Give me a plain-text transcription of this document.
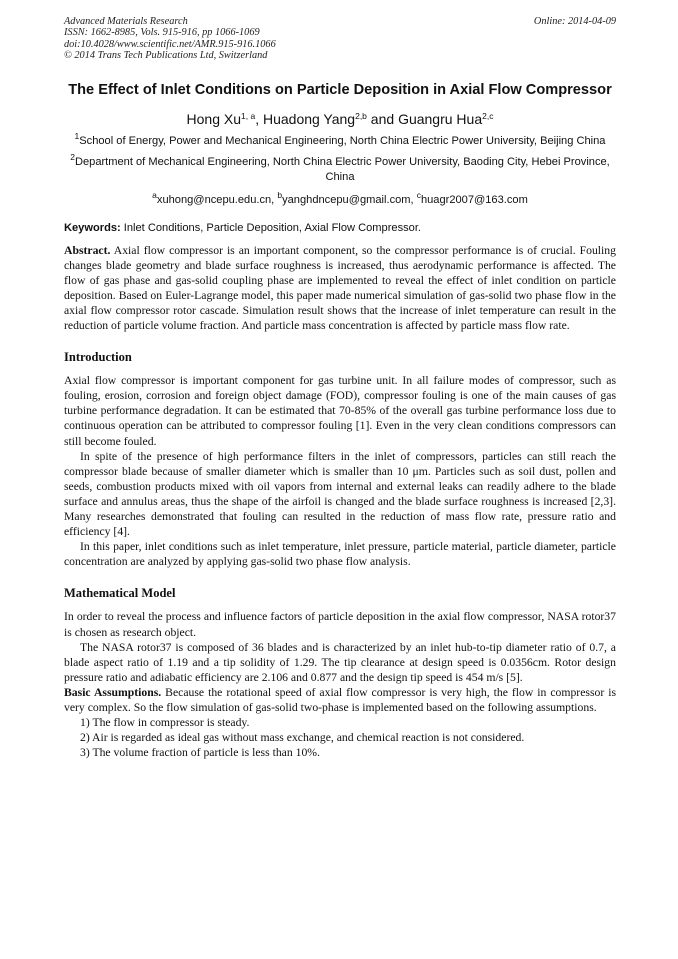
Advanced Materials Research
ISSN: 1662-8985, Vols. 915-916, pp 1066-1069
doi:10.4028/www.scientific.net/AMR.915-916.1066
© 2014 Trans Tech Publications Ltd, Switzerland
Online: 2014-04-09
The Effect of Inlet Conditions on Particle Deposition in Axial Flow Compressor
Hong Xu$^{1, a}$, Huadong Yang$^{2,b}$ and Guangru Hua$^{2,c}$
$^1$School of Energy, Power and Mechanical Engineering, North China Electric Power University, Beijing China
$^2$Department of Mechanical Engineering, North China Electric Power University, Baoding City, Hebei Province, China
$^a$xuhong@ncepu.edu.cn, $^b$yanghdncepu@gmail.com, $^c$huagr2007@163.com
Keywords: Inlet Conditions, Particle Deposition, Axial Flow Compressor.
Abstract. Axial flow compressor is an important component, so the compressor performance is of crucial. Fouling changes blade geometry and blade surface roughness is increased, thus aerodynamic performance is affected. The flow of gas phase and gas-solid coupling phase are implemented to reveal the effect of inlet condition on particle deposition. Based on Euler-Lagrange model, this paper made numerical simulation of gas-solid two phase flow in the axial flow compressor rotor cascade. Simulation result shows that the increase of inlet temperature can result in the reduction of particle volume fraction. And particle mass concentration is affected by particle mass flow rate.
Introduction

Axial flow compressor is important component for gas turbine unit. In all failure modes of compressor, such as fouling, erosion, corrosion and foreign object damage (FOD), compressor fouling is one of the main causes of gas turbine performance degradation. It can be estimated that 70-85% of the overall gas turbine performance loss due to continuous operation can be attributed to compressor fouling [1]. Even in the very clean conditions compressors can still become fouled.

In spite of the presence of high performance filters in the inlet of compressors, particles can still reach the compressor blade because of smaller diameter which is smaller than 10 μm. Particles such as soil dust, pollen and seeds, combustion products mixed with oil vapors from internal and external leaks can readily adhere to the blade surface and annulus areas, thus the shape of the airfoil is changed and the blade surface roughness is increased [2,3]. Many researches demonstrated that fouling can resulted in the reduction of mass flow rate, pressure ratio and efficiency [4].

In this paper, inlet conditions such as inlet temperature, inlet pressure, particle material, particle diameter, particle concentration are analyzed by applying gas-solid two phase flow analysis.

Mathematical Model

In order to reveal the process and influence factors of particle deposition in the axial flow compressor, NASA rotor37 is chosen as research object.

The NASA rotor37 is composed of 36 blades and is characterized by an inlet hub-to-tip diameter ratio of 0.7, a blade aspect ratio of 1.19 and a tip solidity of 1.29. The tip clearance at design speed is 0.0356cm. Rotor design pressure ratio and adiabatic efficiency are 2.106 and 0.877 and the design tip speed is 454 m/s [5].

Basic Assumptions. Because the rotational speed of axial flow compressor is very high, the flow in compressor is very complex. So the flow simulation of gas-solid two-phase is implemented based on the following assumptions.

1) The flow in compressor is steady.
2) Air is regarded as ideal gas without mass exchange, and chemical reaction is not considered.
3) The volume fraction of particle is less than 10%.
